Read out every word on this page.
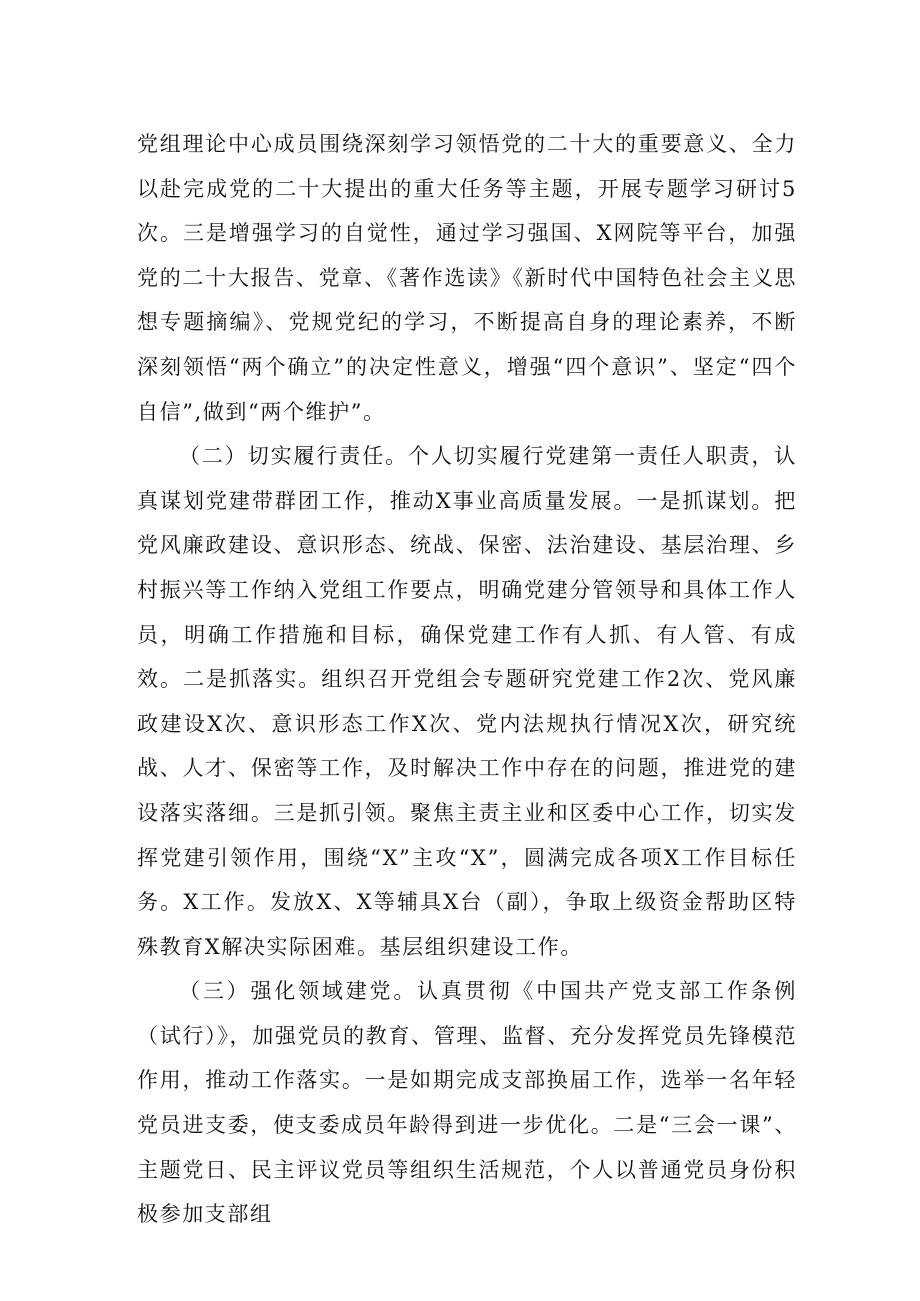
党组理论中心成员围绕深刻学习领悟党的二十大的重要意义、全力以赴完成党的二十大提出的重大任务等主题，开展专题学习研讨5次。三是增强学习的自觉性，通过学习强国、X网院等平台，加强党的二十大报告、党章、《著作选读》《新时代中国特色社会主义思想专题摘编》、党规党纪的学习，不断提高自身的理论素养，不断深刻领悟“两个确立”的决定性意义，增强“四个意识”、坚定“四个自信”,做到“两个维护”。

（二）切实履行责任。个人切实履行党建第一责任人职责，认真谋划党建带群团工作，推动X事业高质量发展。一是抓谋划。把党风廉政建设、意识形态、统战、保密、法治建设、基层治理、乡村振兴等工作纳入党组工作要点，明确党建分管领导和具体工作人员，明确工作措施和目标，确保党建工作有人抓、有人管、有成效。二是抓落实。组织召开党组会专题研究党建工作2次、党风廉政建设X次、意识形态工作X次、党内法规执行情况X次，研究统战、人才、保密等工作，及时解决工作中存在的问题，推进党的建设落实落细。三是抓引领。聚焦主责主业和区委中心工作，切实发挥党建引领作用，围绕“X”主攻“X”，圆满完成各项X工作目标任务。X工作。发放X、X等辅具X台（副），争取上级资金帮助区特殊教育X解决实际困难。基层组织建设工作。

（三）强化领域建党。认真贯彻《中国共产党支部工作条例（试行）》，加强党员的教育、管理、监督、充分发挥党员先锋模范作用，推动工作落实。一是如期完成支部换届工作，选举一名年轻党员进支委，使支委成员年龄得到进一步优化。二是“三会一课”、主题党日、民主评议党员等组织生活规范，个人以普通党员身份积极参加支部组
